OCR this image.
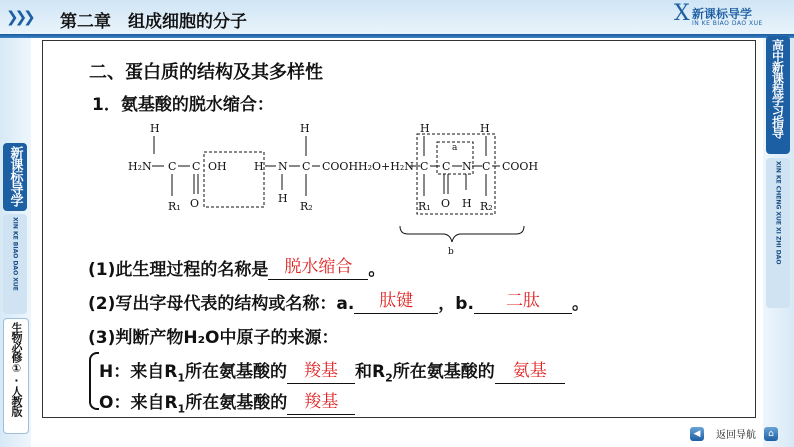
❯❯❯ 第二章 组成细胞的分子	X 新课标导学
IN KE BIAO DAO XUE
新课标导学
XIN KE BIAO DAO XUE
生物必修①·人教版
高中新课程学习指导
XIN KE CHENG XUE XI ZHI DAO
二、蛋白质的结构及其多样性
1．氨基酸的脱水缩合：
H
H₂N C C OH
R₁ O
H N
H
C
H
COOH
R₂
H₂O+H₂N
H
C C N C
H
COOH
R₁ O H R₂
a
b
(1)此生理过程的名称是 脱水缩合 。
(2)写出字母代表的结构或名称：a.	肽键	，b.	二肽	。
(3)判断产物H₂O中原子的来源：
H：来自$R_1$所在氨基酸的	羧基	和$R_2$所在氨基酸的	氨基
O：来自$R_1$所在氨基酸的	羧基
◀	返回导航	⌂
